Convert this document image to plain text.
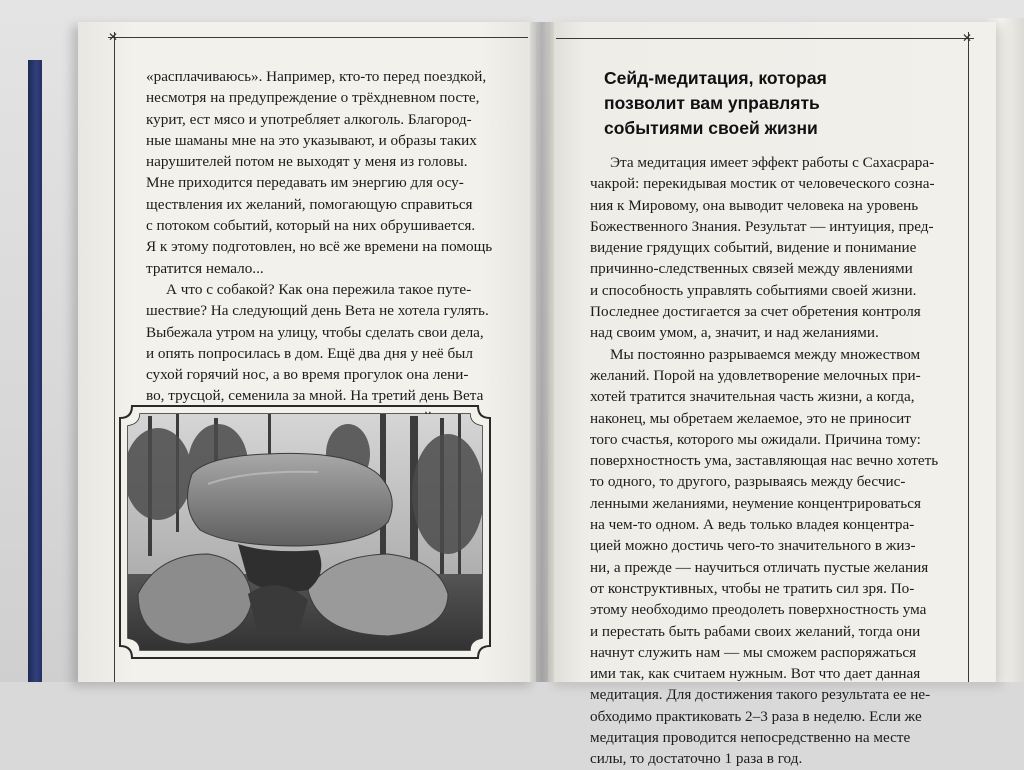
✕	✕

«расплачиваюсь». Например, кто-то перед поездкой,
несмотря на предупреждение о трёхдневном посте,
курит, ест мясо и употребляет алкоголь. Благород-
ные шаманы мне на это указывают, и образы таких
нарушителей потом не выходят у меня из головы.
Мне приходится передавать им энергию для осу-
ществления их желаний, помогающую справиться
с потоком событий, который на них обрушивается.
Я к этому подготовлен, но всё же времени на помощь
тратится немало...

А что с собакой? Как она пережила такое путе-
шествие? На следующий день Вета не хотела гулять.
Выбежала утром на улицу, чтобы сделать свои дела,
и опять попросилась в дом. Ещё два дня у неё был
сухой горячий нос, а во время прогулок она лени-
во, трусцой, семенила за мной. На третий день Вета

Сейд-медитация, которая
позволит вам управлять
событиями своей жизни

Эта медитация имеет эффект работы с Сахасрара-
чакрой: перекидывая мостик от человеческого созна-
ния к Мировому, она выводит человека на уровень
Божественного Знания. Результат — интуиция, пред-
видение грядущих событий, видение и понимание
причинно-следственных связей между явлениями
и способность управлять событиями своей жизни.
Последнее достигается за счет обретения контроля
над своим умом, а, значит, и над желаниями.

Мы постоянно разрываемся между множеством
желаний. Порой на удовлетворение мелочных при-
хотей тратится значительная часть жизни, а когда,
наконец, мы обретаем желаемое, это не приносит
того счастья, которого мы ожидали. Причина тому:
поверхностность ума, заставляющая нас вечно хотеть
то одного, то другого, разрываясь между бесчис-
ленными желаниями, неумение концентрироваться
на чем-то одном. А ведь только владея концентра-
цией можно достичь чего-то значительного в жиз-
ни, а прежде — научиться отличать пустые желания
от конструктивных, чтобы не тратить сил зря. По-
этому необходимо преодолеть поверхностность ума
и перестать быть рабами своих желаний, тогда они
начнут служить нам — мы сможем распоряжаться
ими так, как считаем нужным. Вот что дает данная
медитация. Для достижения такого результата ее не-
обходимо практиковать 2–3 раза в неделю. Если же
медитация проводится непосредственно на месте
силы, то достаточно 1 раза в год.
